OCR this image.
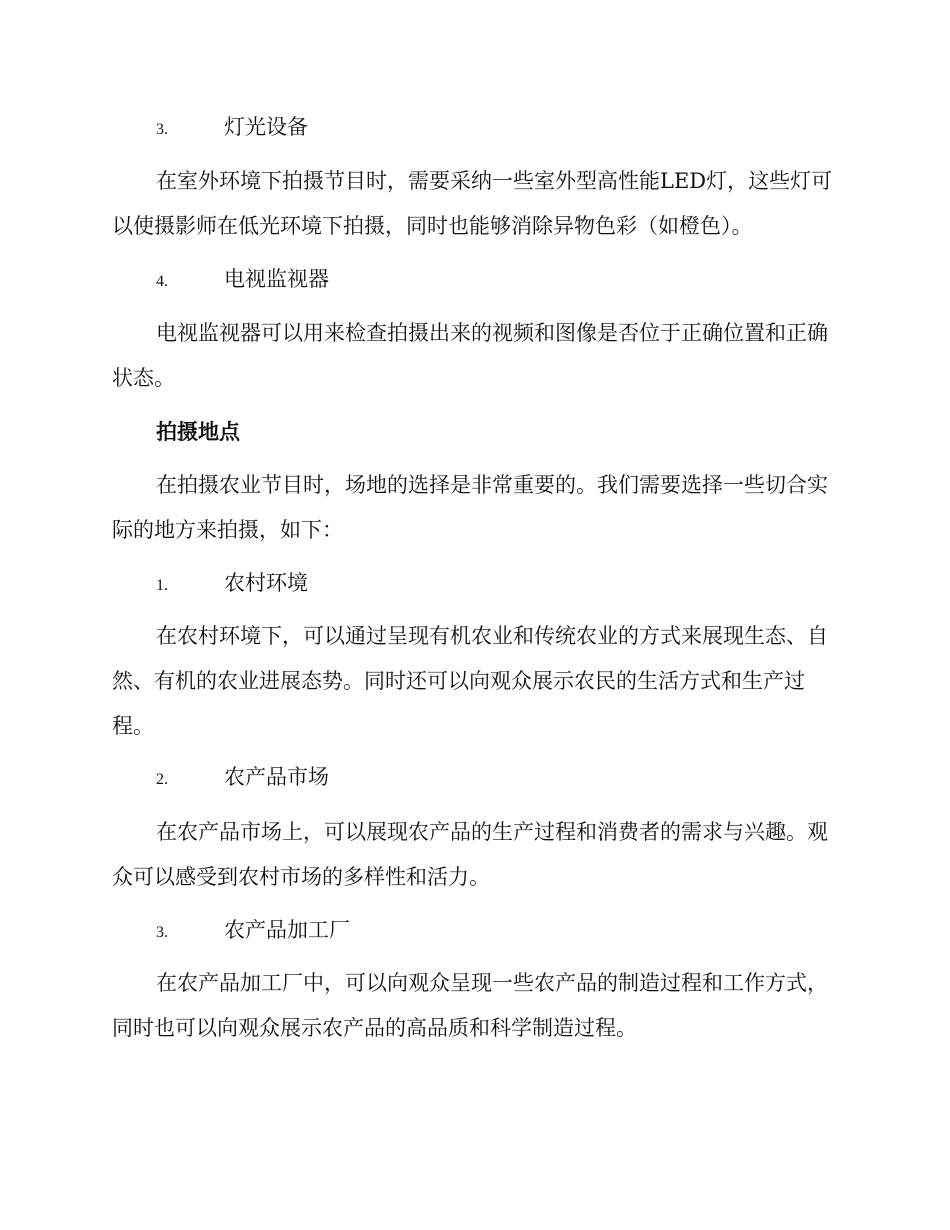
3.	灯光设备

在室外环境下拍摄节目时，需要采纳一些室外型高性能LED灯，这些灯可以使摄影师在低光环境下拍摄，同时也能够消除异物色彩（如橙色）。

4.	电视监视器

电视监视器可以用来检查拍摄出来的视频和图像是否位于正确位置和正确状态。

拍摄地点

在拍摄农业节目时，场地的选择是非常重要的。我们需要选择一些切合实际的地方来拍摄，如下：

1.	农村环境

在农村环境下，可以通过呈现有机农业和传统农业的方式来展现生态、自然、有机的农业进展态势。同时还可以向观众展示农民的生活方式和生产过程。

2.	农产品市场

在农产品市场上，可以展现农产品的生产过程和消费者的需求与兴趣。观众可以感受到农村市场的多样性和活力。

3.	农产品加工厂

在农产品加工厂中，可以向观众呈现一些农产品的制造过程和工作方式，同时也可以向观众展示农产品的高品质和科学制造过程。
